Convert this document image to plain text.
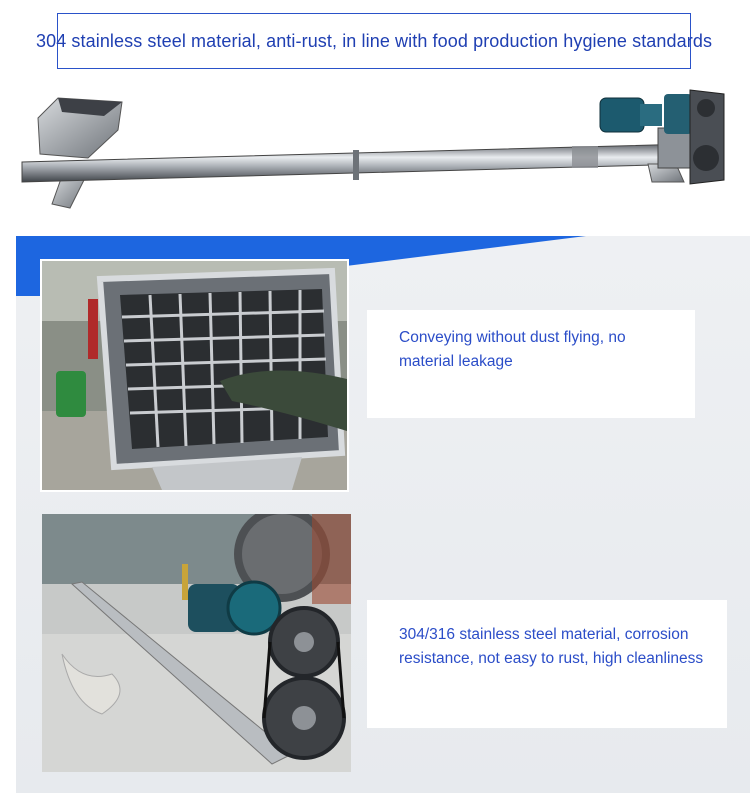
304 stainless steel material, anti-rust, in line with food production hygiene standards
Conveying without dust flying, no material leakage
304/316 stainless steel material, corrosion resistance, not easy to rust, high cleanliness
